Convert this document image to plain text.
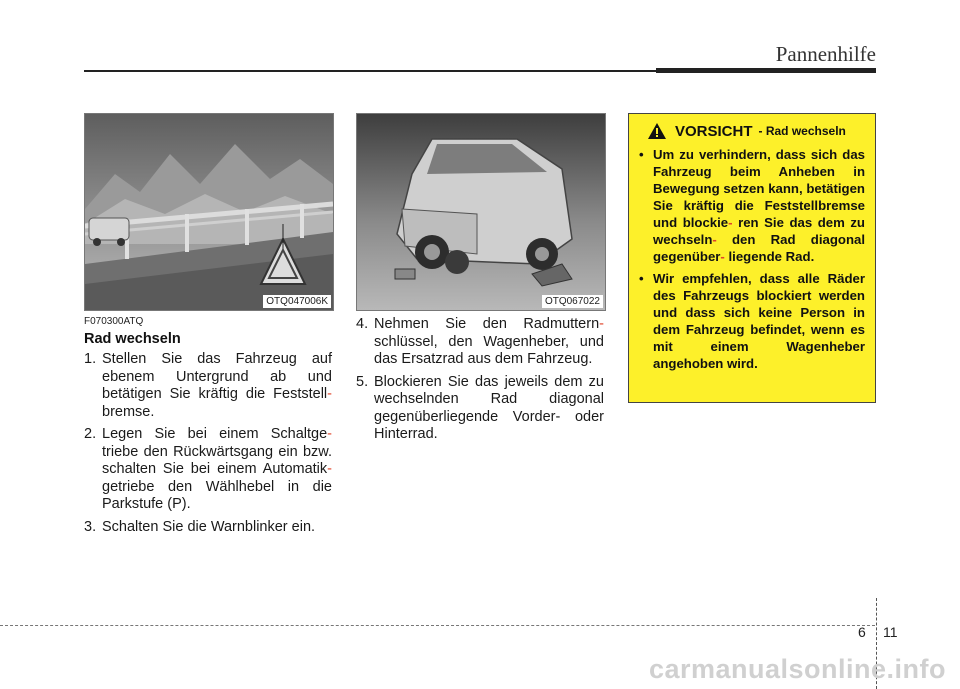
Pannenhilfe
OTQ047006K	OTQ067022
F070300ATQ
Rad wechseln
1. Stellen Sie das Fahrzeug auf ebenem Untergrund ab und betätigen Sie kräftig die Feststell- bremse.
2. Legen Sie bei einem Schaltge- triebe den Rückwärtsgang ein bzw. schalten Sie bei einem Automatik- getriebe den Wählhebel in die Parkstufe (P).
3. Schalten Sie die Warnblinker ein.
4. Nehmen Sie den Radmuttern- schlüssel, den Wagenheber, und das Ersatzrad aus dem Fahrzeug.
5. Blockieren Sie das jeweils dem zu wechselnden Rad diagonal gegenüberliegende Vorder- oder Hinterrad.
VORSICHT - Rad wechseln
• Um zu verhindern, dass sich das Fahrzeug beim Anheben in Bewegung setzen kann, betätigen Sie kräftig die Feststellbremse und blockie- ren Sie das dem zu wechseln- den Rad diagonal gegenüber- liegende Rad.
• Wir empfehlen, dass alle Räder des Fahrzeugs blockiert werden und dass sich keine Person in dem Fahrzeug befindet, wenn es mit einem Wagenheber angehoben wird.
6 11
carmanualsonline.info
